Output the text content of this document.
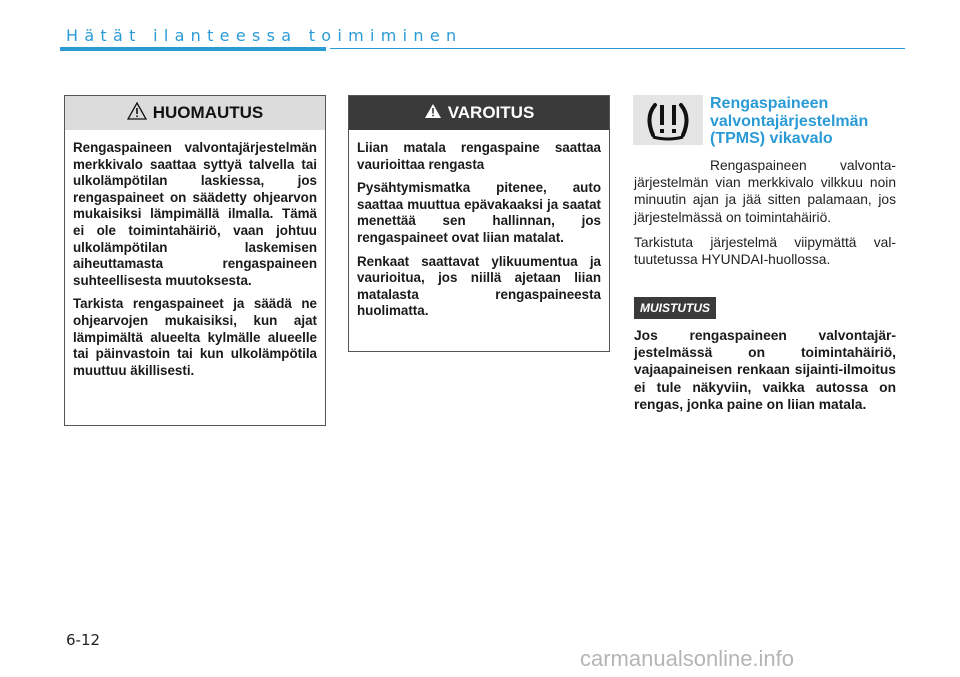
Hätät ilanteessa toimiminen
HUOMAUTUS

Rengaspaineen valvontajärjestelmän merkkivalo saattaa syttyä talvella tai ulkolämpötilan laskiessa, jos rengaspaineet on säädetty ohjearvon mukaisiksi lämpimällä ilmalla. Tämä ei ole toimintahäiriö, vaan johtuu ulkolämpötilan laskemisen aiheuttamasta rengaspaineen suhteellisesta muutoksesta.

Tarkista rengaspaineet ja säädä ne ohjearvojen mukaisiksi, kun ajat lämpimältä alueelta kylmälle alueelle tai päinvastoin tai kun ulkolämpötila muuttuu äkillisesti.

VAROITUS

Liian matala rengaspaine saattaa vaurioittaa rengasta

Pysähtymismatka pitenee, auto saattaa muuttua epävakaaksi ja saatat menettää sen hallinnan, jos rengaspaineet ovat liian matalat.

Renkaat saattavat ylikuumentua ja vaurioitua, jos niillä ajetaan liian matalasta rengaspaineesta huolimatta.

Rengaspaineen valvontajärjestelmän (TPMS) vikavalo

Rengaspaineen valvontajärjestelmän vian merkkivalo vilkkuu noin minuutin ajan ja jää sitten palamaan, jos järjestelmässä on toimintahäiriö.

Tarkistuta järjestelmä viipymättä valtuutetussa HYUNDAI-huollossa.

MUISTUTUS
Jos rengaspaineen valvontajärjestelmässä on toimintahäiriö, vajaapaineisen renkaan sijainti-ilmoitus ei tule näkyviin, vaikka autossa on rengas, jonka paine on liian matala.
6-12
carmanualsonline.info
